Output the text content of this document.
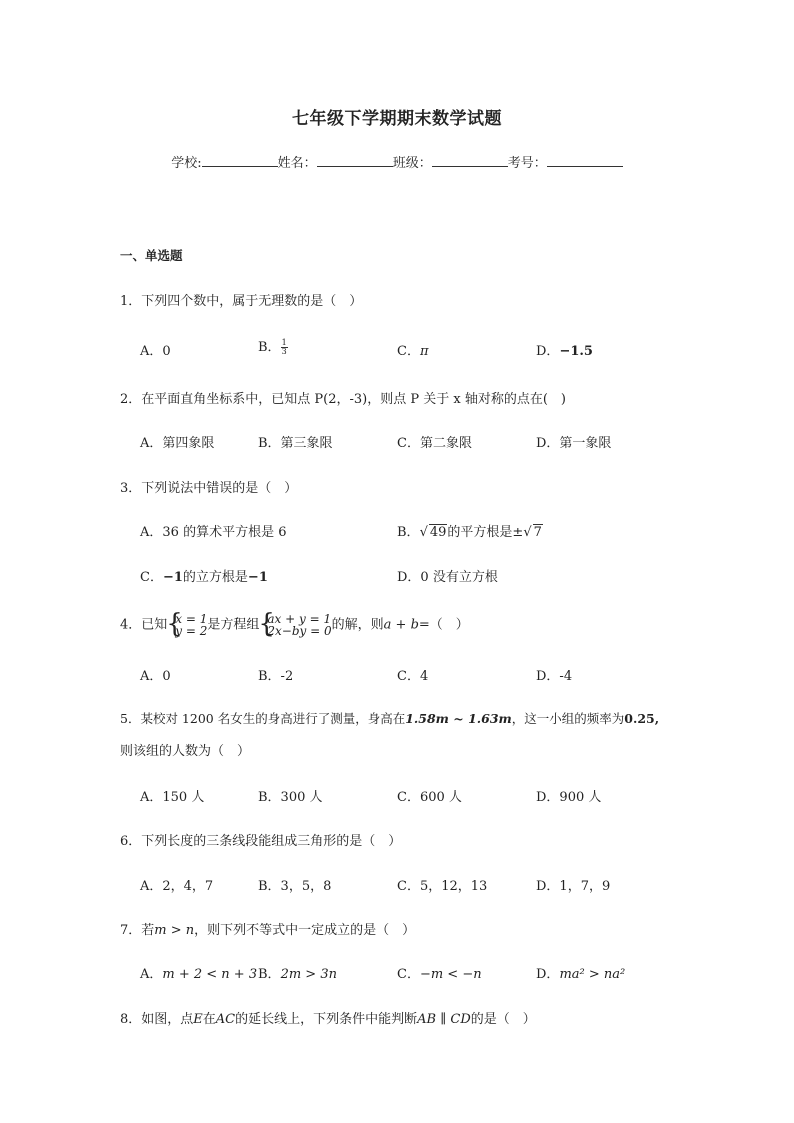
七年级下学期期末数学试题
学校:	姓名：	班级：	考号：
一、单选题
1．下列四个数中，属于无理数的是（　）
A．0	B． $\frac{1}{3}$	C．π	D．−1.5
2．在平面直角坐标系中，已知点 P(2，-3)，则点 P 关于 x 轴对称的点在(　)
A．第四象限	B．第三象限	C．第二象限	D．第一象限
3．下列说法中错误的是（　）
A．36 的算术平方根是 6	B．√ 49的平方根是±√ 7
C．−1的立方根是−1	D．0 没有立方根
4．已知 { x = 1
y = 2 是方程组 { ax + y = 1
2x−by = 0 的解，则a + b=（　）
A．0	B．-2	C．4	D．-4
5．某校对 1200 名女生的身高进行了测量，身高在1.58m ~ 1.63m，这一小组的频率为0.25,
则该组的人数为（　）
A．150 人	B．300 人	C．600 人	D．900 人
6．下列长度的三条线段能组成三角形的是（　）
A．2，4，7	B．3，5，8	C．5，12，13	D．1，7，9
7．若m > n，则下列不等式中一定成立的是（　）
A．m + 2 < n + 3 B．2m > 3n	C．−m < −n	D．ma² > na²
8．如图，点E在AC的延长线上，下列条件中能判断AB ∥ CD的是（　）
